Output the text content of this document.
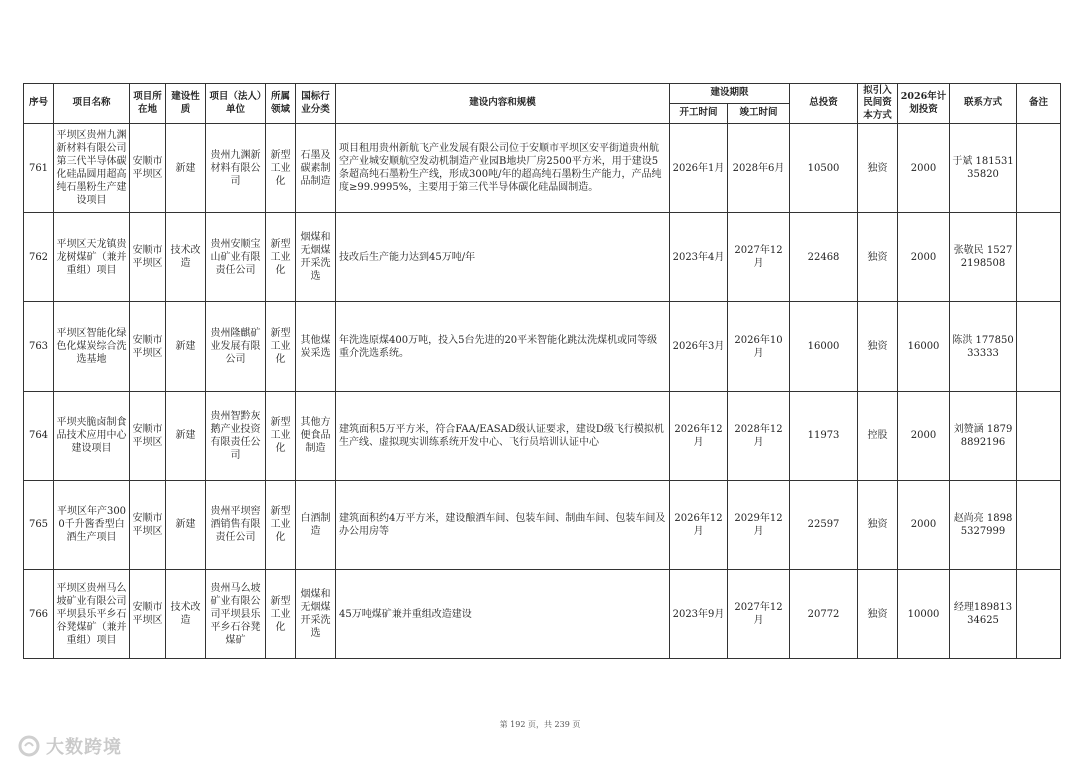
序号	项目名称	项目所在地	建设性质	项目（法人）单位	所属领域	国标行业分类	建设内容和规模	建设期限		总投资	拟引入民间资本方式	2026年计划投资	联系方式	备注
								开工时间	竣工时间					
761	平坝区贵州九渊新材料有限公司第三代半导体碳化硅晶圆用超高纯石墨粉生产建设项目	安顺市平坝区	新建	贵州九渊新材料有限公司	新型工业化	石墨及碳素制品制造	项目租用贵州新航飞产业发展有限公司位于安顺市平坝区安平街道贵州航空产业城安顺航空发动机制造产业园B地块厂房2500平方米，用于建设5条超高纯石墨粉生产线，形成300吨/年的超高纯石墨粉生产能力，产品纯度≥99.9995%，主要用于第三代半导体碳化硅晶圆制造。	2026年1月	2028年6月	10500	独资	2000	于斌 18153135820	
762	平坝区天龙镇贵龙树煤矿（兼并重组）项目	安顺市平坝区	技术改造	贵州安顺宝山矿业有限责任公司	新型工业化	烟煤和无烟煤开采洗选	技改后生产能力达到45万吨/年	2023年4月	2027年12月	22468	独资	2000	张敬民 15272198508	
763	平坝区智能化绿色化煤炭综合洗选基地	安顺市平坝区	新建	贵州隆麒矿业发展有限公司	新型工业化	其他煤炭采选	年洗选原煤400万吨，投入5台先进的20平米智能化跳汰洗煤机或同等级重介洗选系统。	2026年3月	2026年10月	16000	独资	16000	陈洪 17785033333	
764	平坝夹脆卤制食品技术应用中心建设项目	安顺市平坝区	新建	贵州智黔灰鹅产业投资有限责任公司	新型工业化	其他方便食品制造	建筑面积5万平方米，符合FAA/EASAD级认证要求，建设D级飞行模拟机生产线、虚拟现实训练系统开发中心、飞行员培训认证中心	2026年12月	2028年12月	11973	控股	2000	刘赞涵 18798892196	
765	平坝区年产3000千升酱香型白酒生产项目	安顺市平坝区	新建	贵州平坝窖酒销售有限责任公司	新型工业化	白酒制造	建筑面积约4万平方米，建设酿酒车间、包装车间、制曲车间、包装车间及办公用房等	2026年12月	2029年12月	22597	独资	2000	赵尚亮 18985327999	
766	平坝区贵州马么坡矿业有限公司平坝县乐平乡石谷凳煤矿（兼并重组）项目	安顺市平坝区	技术改造	贵州马么坡矿业有限公司平坝县乐平乡石谷凳煤矿	新型工业化	烟煤和无烟煤开采洗选	45万吨煤矿兼并重组改造建设	2023年9月	2027年12月	20772	独资	10000	经理18981334625	
第 192 页，共 239 页
大数跨境
